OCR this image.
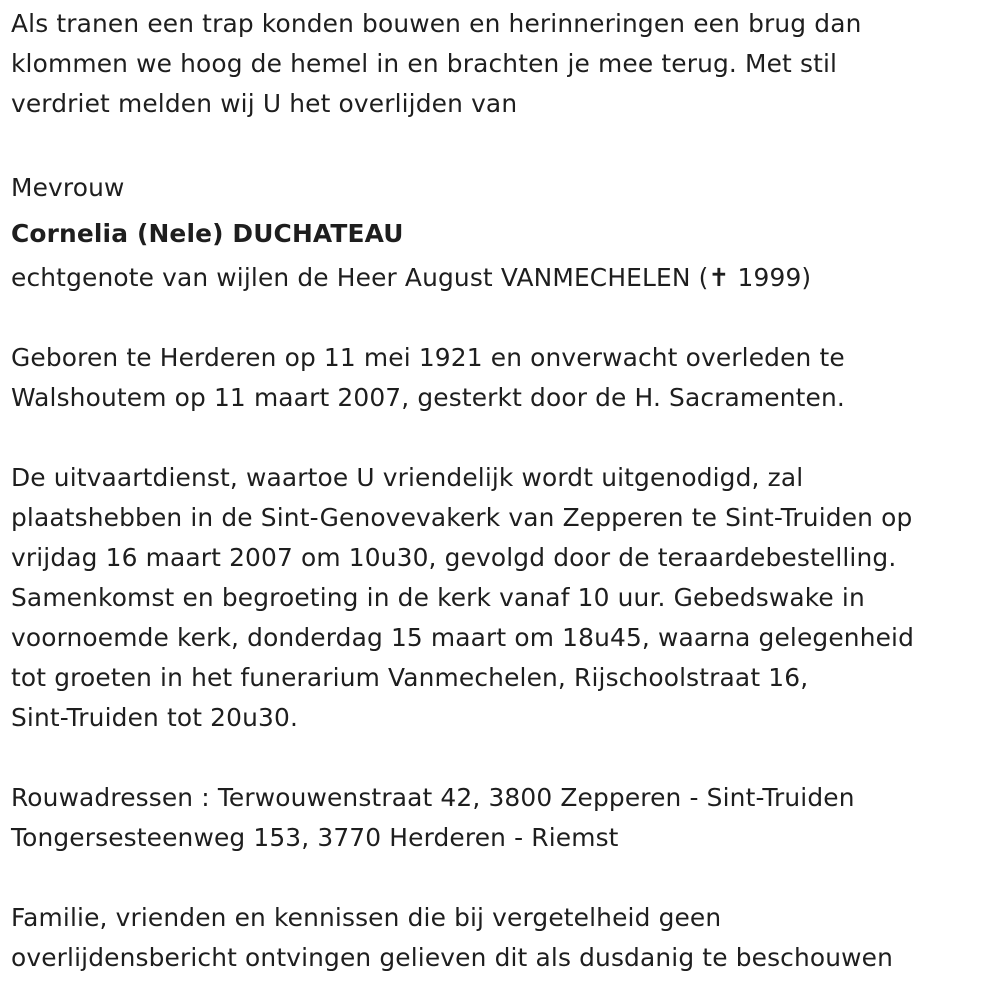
Als tranen een trap konden bouwen en herinneringen een brug dan
klommen we hoog de hemel in en brachten je mee terug. Met stil
verdriet melden wij U het overlijden van
Mevrouw
Cornelia (Nele) DUCHATEAU
echtgenote van wijlen de Heer August VANMECHELEN (✝ 1999)
Geboren te Herderen op 11 mei 1921 en onverwacht overleden te
Walshoutem op 11 maart 2007, gesterkt door de H. Sacramenten.
De uitvaartdienst, waartoe U vriendelijk wordt uitgenodigd, zal
plaatshebben in de Sint-Genovevakerk van Zepperen te Sint-Truiden op
vrijdag 16 maart 2007 om 10u30, gevolgd door de teraardebestelling.
Samenkomst en begroeting in de kerk vanaf 10 uur. Gebedswake in
voornoemde kerk, donderdag 15 maart om 18u45, waarna gelegenheid
tot groeten in het funerarium Vanmechelen, Rijschoolstraat 16,
Sint-Truiden tot 20u30.
Rouwadressen : Terwouwenstraat 42, 3800 Zepperen - Sint-Truiden
Tongersesteenweg 153, 3770 Herderen - Riemst
Familie, vrienden en kennissen die bij vergetelheid geen
overlijdensbericht ontvingen gelieven dit als dusdanig te beschouwen
